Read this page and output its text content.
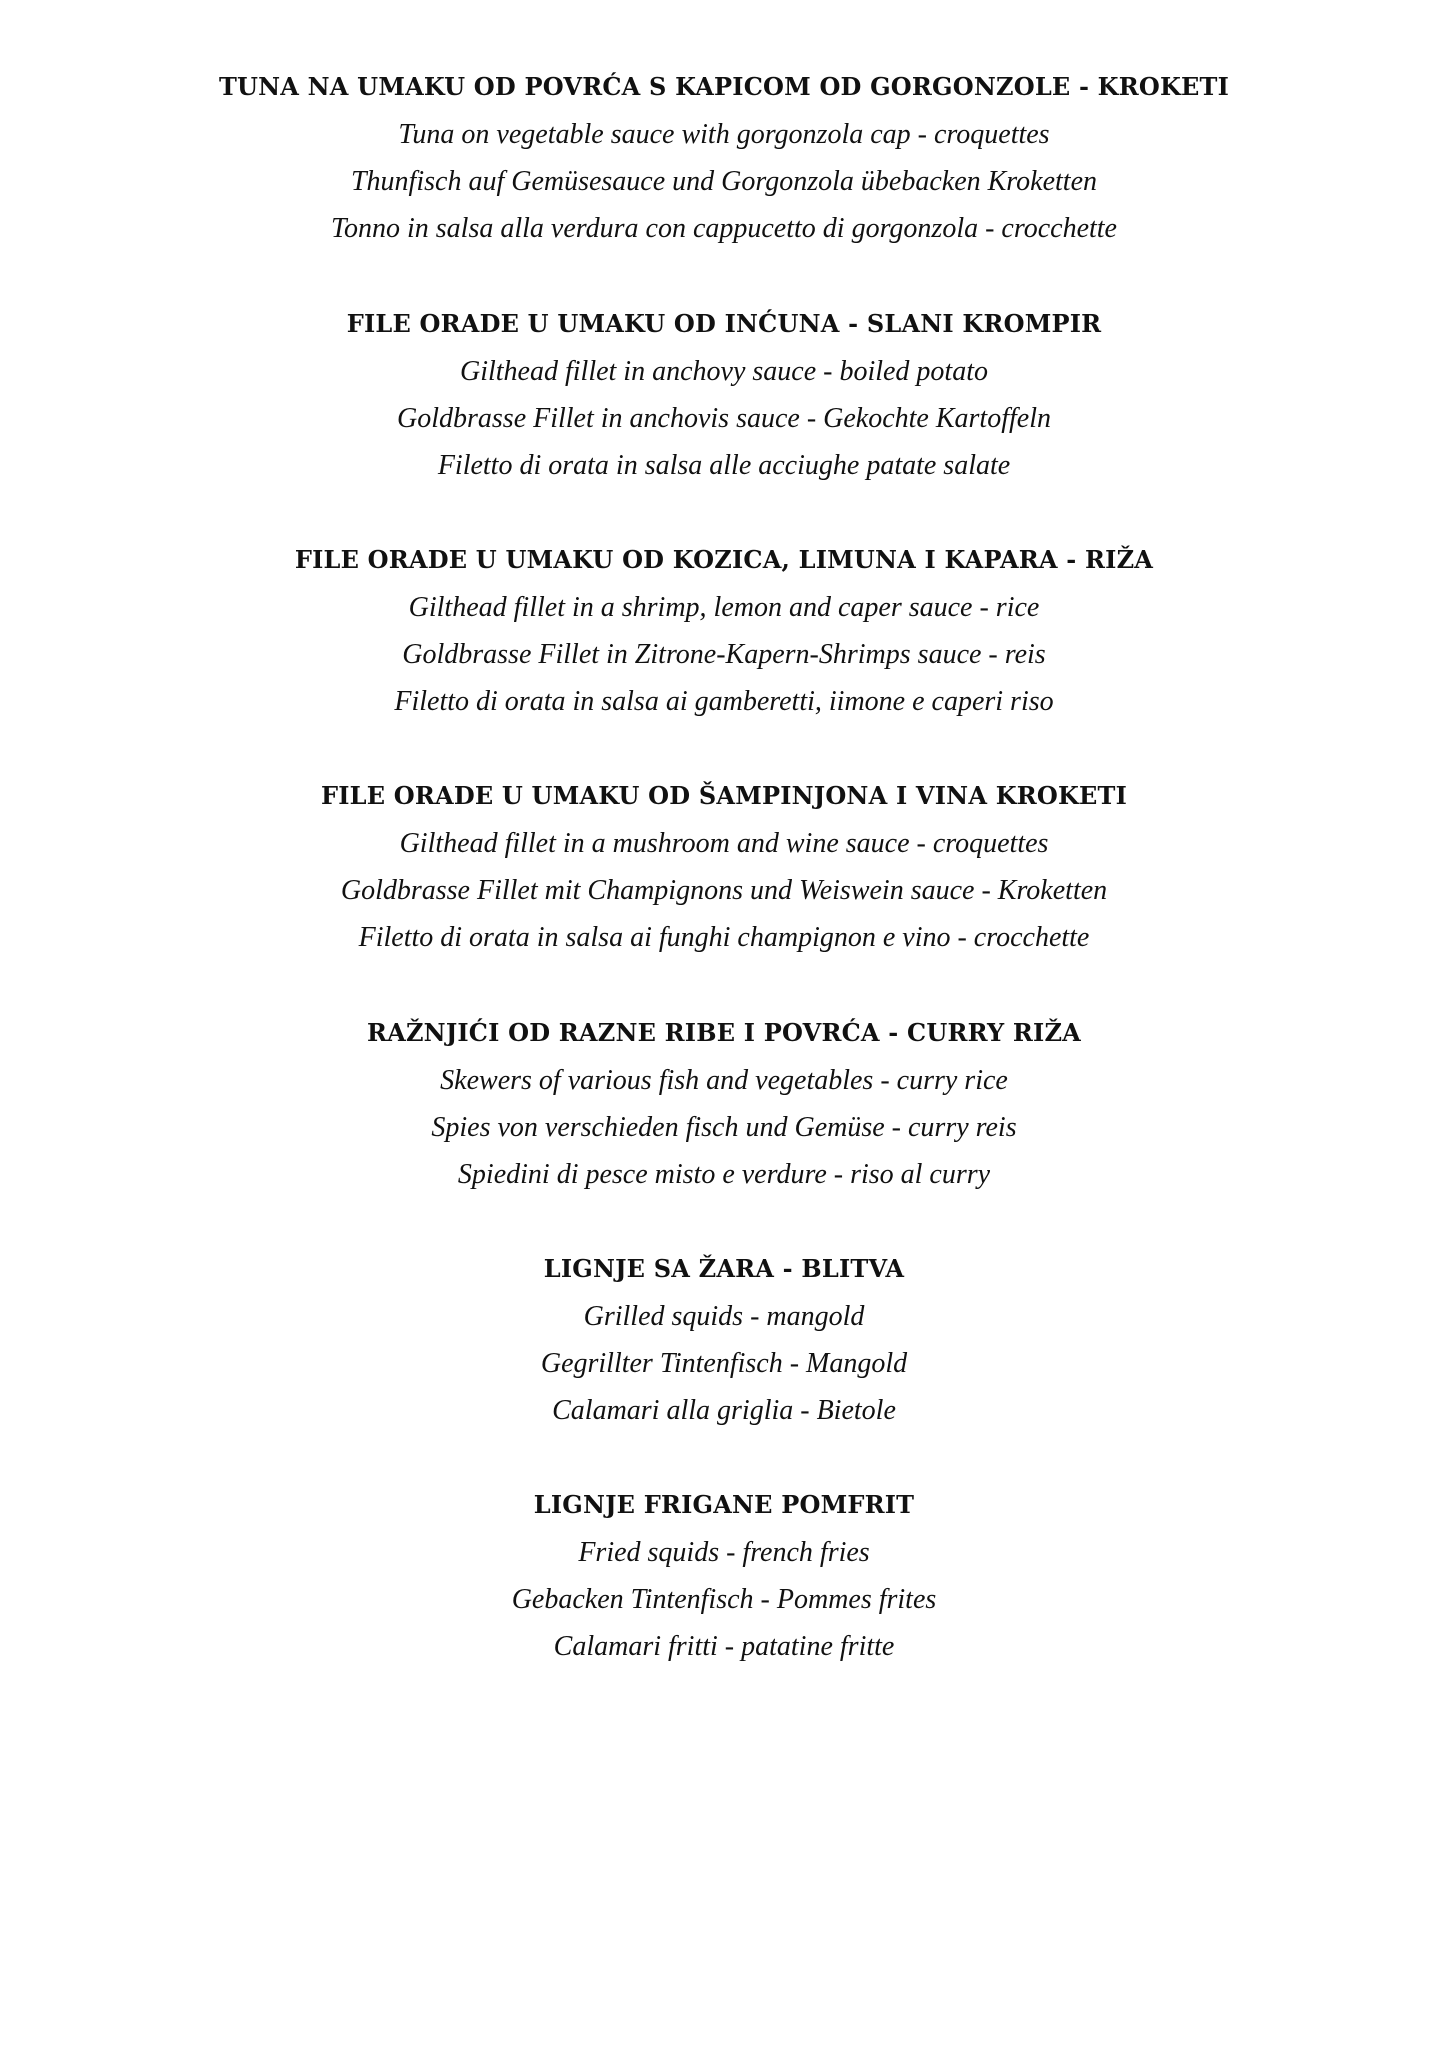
TUNA NA UMAKU OD POVRĆA S KAPICOM OD GORGONZOLE - KROKETI
Tuna on vegetable sauce with gorgonzola cap - croquettes
Thunfisch auf Gemüsesauce und Gorgonzola übebacken Kroketten
Tonno in salsa alla verdura con cappucetto di gorgonzola - crocchette
FILE ORADE U UMAKU OD INĆUNA - SLANI KROMPIR
Gilthead fillet in anchovy sauce - boiled potato
Goldbrasse Fillet in anchovis sauce - Gekochte Kartoffeln
Filetto di orata in salsa alle acciughe patate salate
FILE ORADE U UMAKU OD KOZICA, LIMUNA I KAPARA - RIŽA
Gilthead fillet in a shrimp, lemon and caper sauce - rice
Goldbrasse Fillet in Zitrone-Kapern-Shrimps sauce - reis
Filetto di orata in salsa ai gamberetti, iimone e caperi riso
FILE ORADE U UMAKU OD ŠAMPINJONA I VINA KROKETI
Gilthead fillet in a mushroom and wine sauce - croquettes
Goldbrasse Fillet mit Champignons und Weiswein sauce - Kroketten
Filetto di orata in salsa ai funghi champignon e vino - crocchette
RAŽNJIĆI OD RAZNE RIBE I POVRĆA - CURRY RIŽA
Skewers of various fish and vegetables - curry rice
Spies von verschieden fisch und Gemüse - curry reis
Spiedini di pesce misto e verdure - riso al curry
LIGNJE SA ŽARA - BLITVA
Grilled squids - mangold
Gegrillter Tintenfisch - Mangold
Calamari alla griglia - Bietole
LIGNJE FRIGANE POMFRIT
Fried squids - french fries
Gebacken Tintenfisch - Pommes frites
Calamari fritti - patatine fritte
